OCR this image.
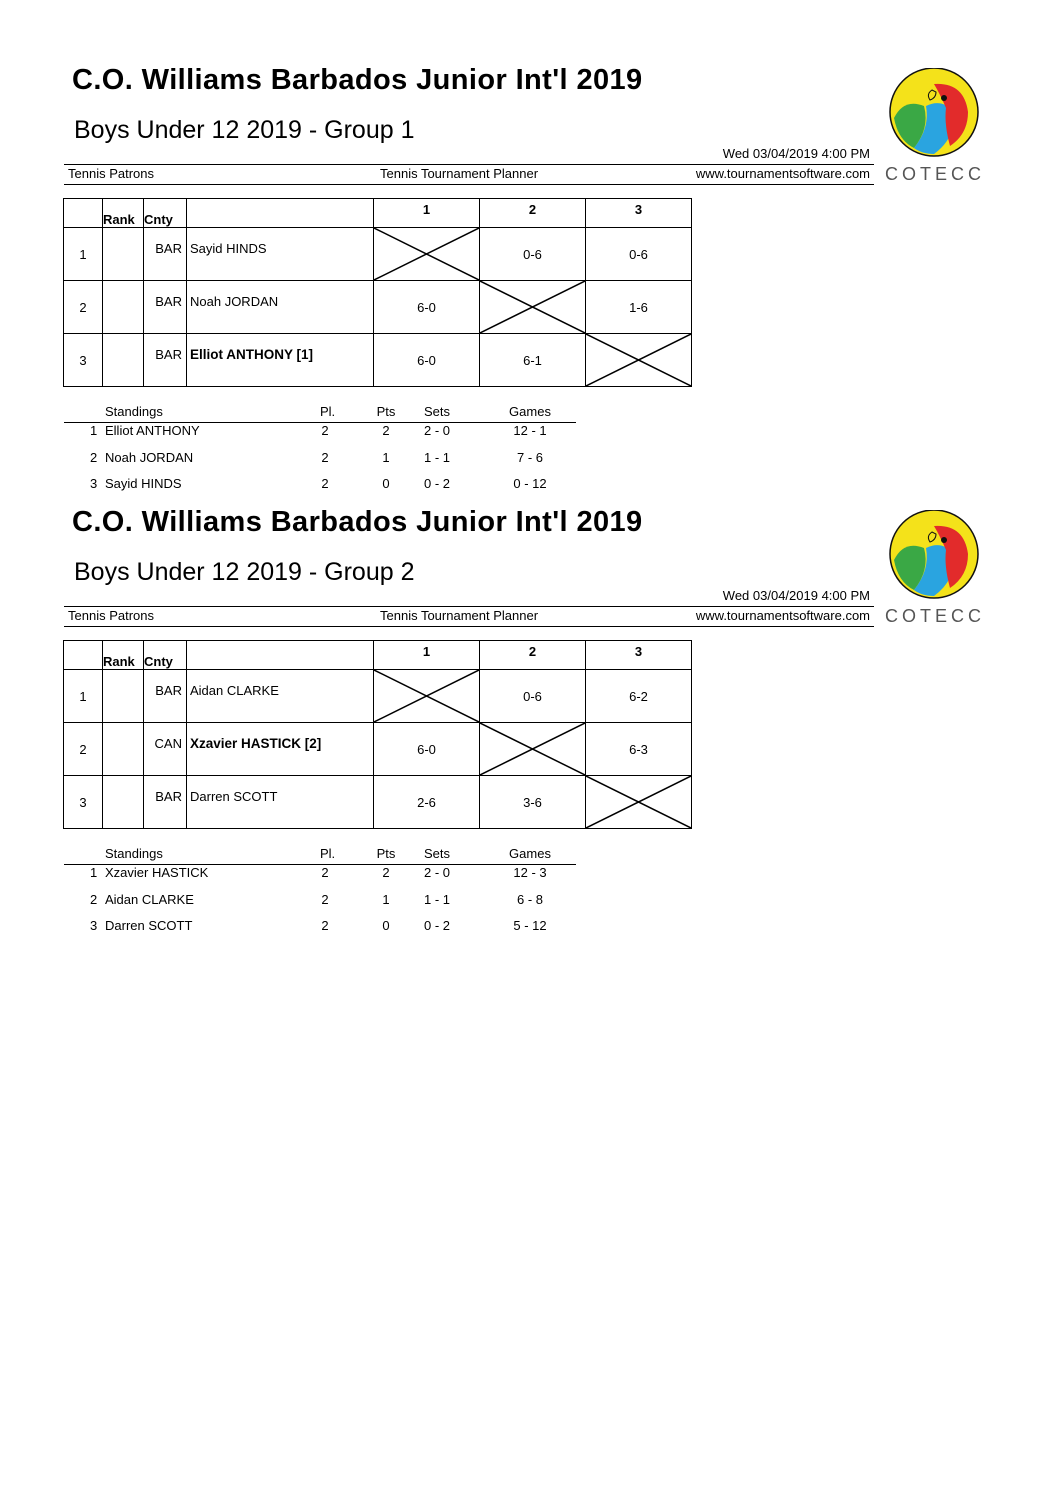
C.O. Williams Barbados Junior Int'l 2019
Boys Under 12 2019 - Group 1
Wed 03/04/2019 4:00 PM
Tennis Patrons	Tennis Tournament Planner	www.tournamentsoftware.com COTECC
	Rank	Cnty		1	2	3
1		BAR	Sayid HINDS		0-6	0-6
2		BAR	Noah JORDAN	6-0		1-6
3		BAR	Elliot ANTHONY [1]	6-0	6-1	
Standings	Pl.	Pts	Sets	Games
1 Elliot ANTHONY	2	2	2 - 0	12 - 1
2 Noah JORDAN	2	1	1 - 1	7 - 6
3 Sayid HINDS	2	0	0 - 2	0 - 12
C.O. Williams Barbados Junior Int'l 2019
Boys Under 12 2019 - Group 2
Wed 03/04/2019 4:00 PM
Tennis Patrons	Tennis Tournament Planner	www.tournamentsoftware.com COTECC
	Rank	Cnty		1	2	3
1		BAR	Aidan CLARKE		0-6	6-2
2		CAN	Xzavier HASTICK [2]	6-0		6-3
3		BAR	Darren SCOTT	2-6	3-6	
Standings	Pl.	Pts	Sets	Games
1 Xzavier HASTICK	2	2	2 - 0	12 - 3
2 Aidan CLARKE	2	1	1 - 1	6 - 8
3 Darren SCOTT	2	0	0 - 2	5 - 12
